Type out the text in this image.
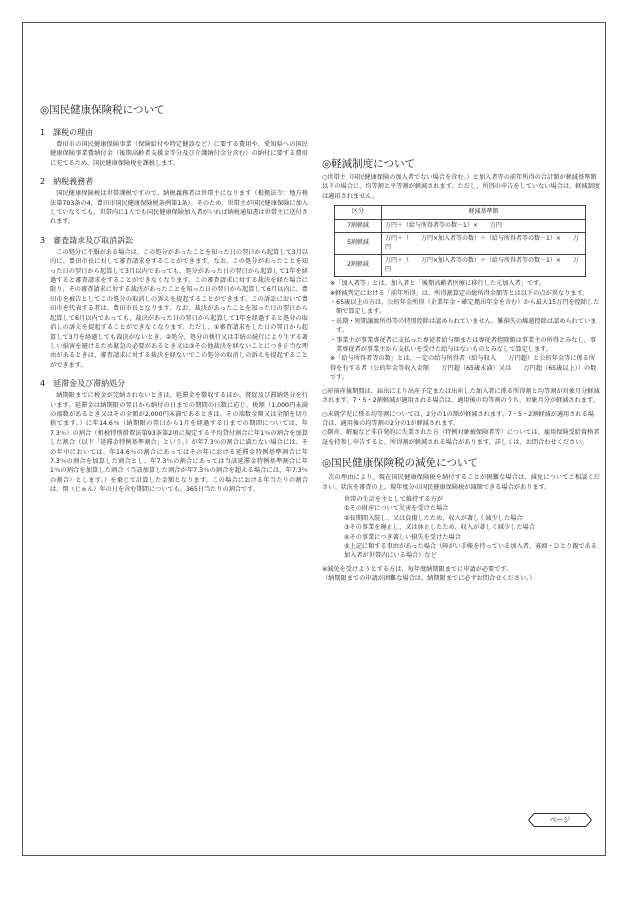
◎国民健康保険税について
1　課税の理由
豊田市の国民健康保険事業（保険給付や特定健診など）に要する費用や、愛知県への国民健康保険事業費納付金（後期高齢者支援金等分及び介護納付金分含む）の納付に要する費用に充てるため、国民健康保険税を課税します。
2　納税義務者
国民健康保険税は世帯課税ですので、納税義務者は世帯主になります（根拠法令：地方税法第703条の4、豊田市国民健康保険税条例第1条）。そのため、世帯主が国民健康保険に加入していなくても、世帯内に1人でも国民健康保険加入者がいれば納税通知書は世帯主に送付されます。
3　審査請求及び取消訴訟
この処分に不服がある場合は、この処分があったことを知った日の翌日から起算して3月以内に、豊田市長に対して審査請求をすることができます。なお、この処分があったことを知った日の翌日から起算して3月以内であっても、処分があった日の翌日から起算して1年を経過すると審査請求をすることができなくなります。この審査請求に対する裁決を経た場合に限り、その審査請求に対する裁決があったことを知った日の翌日から起算して6月以内に、豊田市を被告としてこの処分の取消しの訴えを提起することができます。この訴訟において豊田市を代表する者は、豊田市長となります。なお、裁決があったことを知った日の翌日から起算して6月以内であっても、裁決があった日の翌日から起算して1年を経過すると処分の取消しの訴えを提起することができなくなります。ただし、①審査請求をした日の翌日から起算して3月を経過しても裁決がないとき、②処分、処分の執行又は手続の続行により生ずる著しい損害を避けるため緊急の必要があるとき又は③その他裁決を経ないことにつき正当な理由があるときは、審査請求に対する裁決を経ないでこの処分の取消しの訴えを提起することができます。
4　延滞金及び滞納処分
納期限までに税金が完納されないときは、延滞金を徴収するほか、督促及び滞納処分を行います。延滞金は納期限の翌日から納付の日までの期間の日数に応じ、税額（1,000円未満の端数があるとき又はその全額が2,000円未満であるときは、その端数金額又は全額を切り捨てます。）に年14.6％（納期限の翌日から1月を経過する日までの期間については、年7.3％）の割合（租税特別措置法第93条第2項に規定する平均貸付割合に年1％の割合を加算した割合（以下「延滞金特例基準割合」という。）が年7.3％の割合に満たない場合には、その年中においては、年14.6％の割合にあってはその年における延滞金特例基準割合に年7.3％の割合を加算した割合とし、年7.3％の割合にあっては当該延滞金特例基準割合に年1％の割合を加算した割合（当該加算した割合が年7.3％の割合を超える場合には、年7.3％の割合）とします。）を乗じて計算した金額となります。この場合における年当たりの割合は、閏（じゅん）年の日を含む期間についても、365日当たりの割合です。
◎軽減制度について
○世帯主（国民健康保険の加入者でない場合を含む。）と加入者等の前年所得の合計額が軽減基準額以下の場合に、均等割と平等割が軽減されます。ただし、所得の申告をしていない場合は、軽減制度は適用されません。
区分	軽減基準額
7割軽減	万円＋（給与所得者等の数－1）×　　万円
5割軽減	万円＋（　　万円×加入者等の数）＋（給与所得者等の数－1）×　　万円
2割軽減	万円＋（　　万円×加入者等の数）＋（給与所得者等の数－1）×　　万円
※「加入者等」とは、加入者と「後期高齢者医療に移行した元加入者」です。
※軽減判定における「前年所得」は、所得割算定の総所得金額等とは以下の点が異なります。
・65歳以上の方は、公的年金所得（企業年金・確定拠出年金を含む）から最大15万円を控除した額で算定します。
・長期・短期譲渡所得等の特別控除は認められていません。雑損失の繰越控除は認められています。
・事業主が事業専従者に支払った専従者給与額または専従者控除額は事業主の所得とみなし、事業専従者が事業主から支払いを受けた給与はないものとみなして算定します。
※「給与所得者等の数」とは、一定の給与所得者（給与収入　　万円超）と公的年金等に係る所得を有する者（公的年金等収入金額　　万円超（65歳未満）又は　　万円超（65歳以上））の数です。
○産前産後期間は、届出により出産予定または出産した加入者に係る所得割と均等割が対象月分軽減されます。7・5・2割軽減が適用される場合は、適用後の均等割のうち、対象月分が軽減されます。
○未就学児に係る均等割については、2分の1の額が軽減されます。7・5・2割軽減が適用される場合は、適用後の均等割の2分の1が軽減されます。
○倒産、解雇など非自発的に失業された方（特例対象被保険者等）については、雇用保険受給資格者証を持参し申告すると、所得割が軽減される場合があります。詳しくは、お問合わせください。
◎国民健康保険税の減免について
次の理由により、現在国民健康保険税を納付することが困難な場合は、減免についてご相談ください。状況を審査の上、現年度分の国民健康保険税が減額できる場合があります。
世帯の生計を主として維持する方が
①その財産について災害を受けた場合
②長期間入院し、又は負傷したため、収入が著しく減少した場合
③その事業を廃止し、又は休止したため、収入が著しく減少した場合
④その事業につき著しい損失を受けた場合
⑤上記に類する事由があった場合（障がい手帳を持っている加入者、寡婦・ひとり親である加入者が世帯内にいる場合）など
※減免を受けようとする方は、毎年度納期限までに申請が必要です。
（納期限までの申請が困難な場合は、納期限までに必ずお問合せください。）
ページ
